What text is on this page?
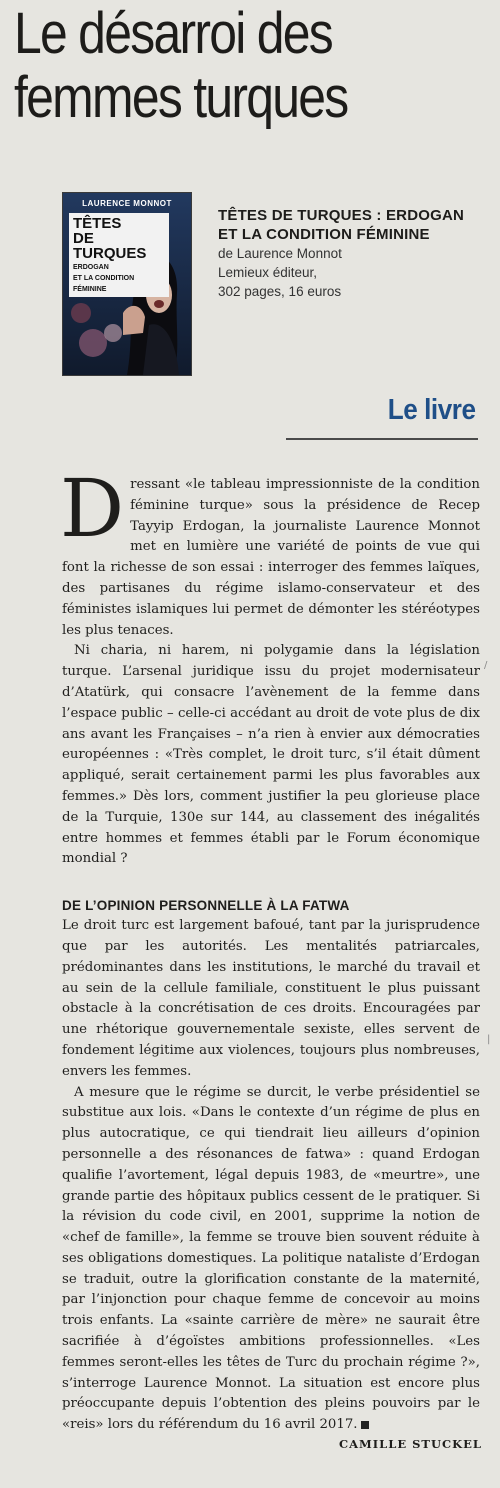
Le désarroi des
femmes turques
LAURENCE MONNOT
TÊTES
DE TURQUES
ERDOGAN
ET LA CONDITION
FÉMININE
TÊTES DE TURQUES : ERDOGAN
ET LA CONDITION FÉMININE
de Laurence Monnot
Lemieux éditeur,
302 pages, 16 euros
Le livre

Dressant «le tableau impressionniste de la condition féminine turque» sous la présidence de Recep Tayyip Erdogan, la journaliste Laurence Monnot met en lumière une variété de points de vue qui font la richesse de son essai : interroger des femmes laïques, des partisanes du régime islamo-conservateur et des féministes islamiques lui permet de démonter les stéréotypes les plus tenaces.

Ni charia, ni harem, ni polygamie dans la législation turque. L’arsenal juridique issu du projet modernisateur d’Atatürk, qui consacre l’avènement de la femme dans l’espace public – celle-ci accédant au droit de vote plus de dix ans avant les Françaises – n’a rien à envier aux démocraties européennes : «Très complet, le droit turc, s’il était dûment appliqué, serait certainement parmi les plus favorables aux femmes.» Dès lors, comment justifier la peu glorieuse place de la Turquie, 130e sur 144, au classement des inégalités entre hommes et femmes établi par le Forum économique mondial ?

DE L’OPINION PERSONNELLE À LA FATWA

Le droit turc est largement bafoué, tant par la jurisprudence que par les autorités. Les mentalités patriarcales, prédominantes dans les institutions, le marché du travail et au sein de la cellule familiale, constituent le plus puissant obstacle à la concrétisation de ces droits. Encouragées par une rhétorique gouvernementale sexiste, elles servent de fondement légitime aux violences, toujours plus nombreuses, envers les femmes.

A mesure que le régime se durcit, le verbe présidentiel se substitue aux lois. «Dans le contexte d’un régime de plus en plus autocratique, ce qui tiendrait lieu ailleurs d’opinion personnelle a des résonances de fatwa» : quand Erdogan qualifie l’avortement, légal depuis 1983, de «meurtre», une grande partie des hôpitaux publics cessent de le pratiquer. Si la révision du code civil, en 2001, supprime la notion de «chef de famille», la femme se trouve bien souvent réduite à ses obligations domestiques. La politique nataliste d’Erdogan se traduit, outre la glorification constante de la maternité, par l’injonction pour chaque femme de concevoir au moins trois enfants. La «sainte carrière de mère» ne saurait être sacrifiée à d’égoïstes ambitions professionnelles. «Les femmes seront-elles les têtes de Turc du prochain régime ?», s’interroge Laurence Monnot. La situation est encore plus préoccupante depuis l’obtention des pleins pouvoirs par le «reis» lors du référendum du 16 avril 2017.

/
|
CAMILLE STUCKEL
